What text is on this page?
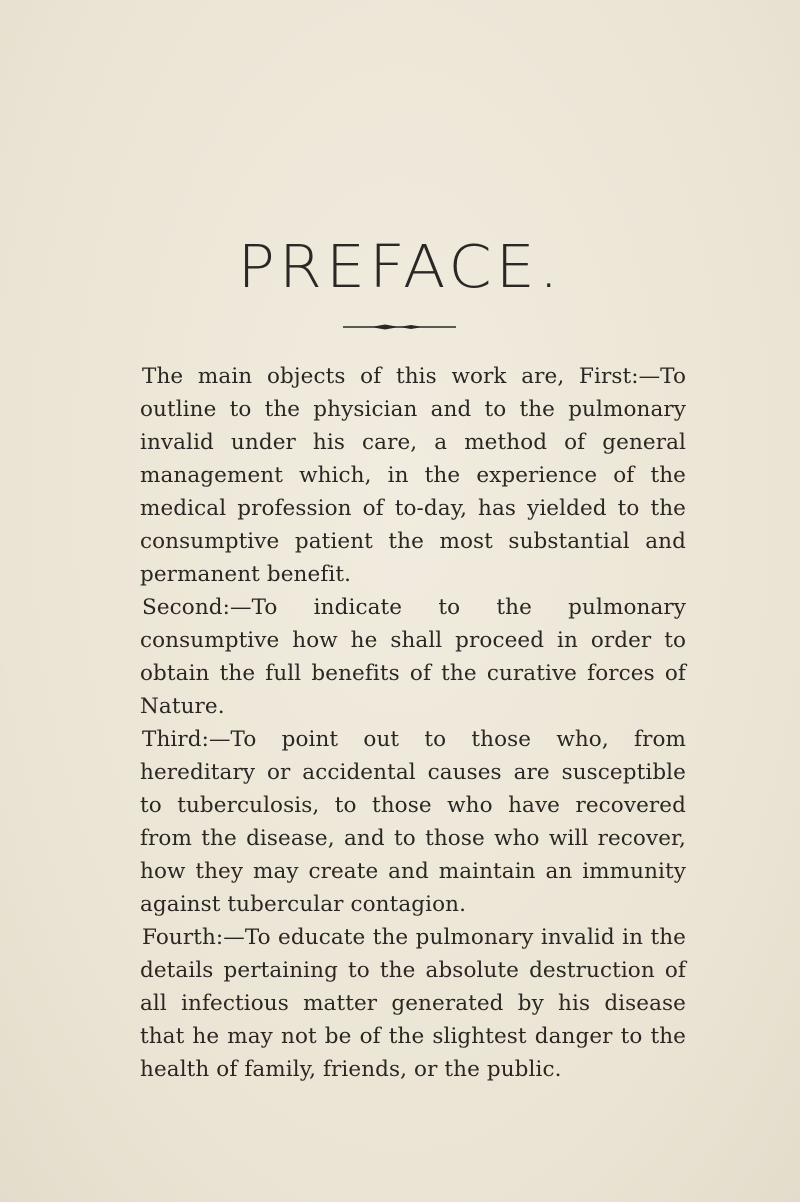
PREFACE.

The main objects of this work are, First:—To outline to the physician and to the pulmonary invalid under his care, a method of general management which, in the experience of the medical profession of to-day, has yielded to the consumptive patient the most substantial and permanent benefit.

Second:—To indicate to the pulmonary consumptive how he shall proceed in order to obtain the full benefits of the curative forces of Nature.

Third:—To point out to those who, from hereditary or accidental causes are susceptible to tuberculosis, to those who have recovered from the disease, and to those who will recover, how they may create and maintain an immunity against tubercular contagion.

Fourth:—To educate the pulmonary invalid in the details pertaining to the absolute destruction of all infectious matter generated by his disease that he may not be of the slightest danger to the health of family, friends, or the public.
